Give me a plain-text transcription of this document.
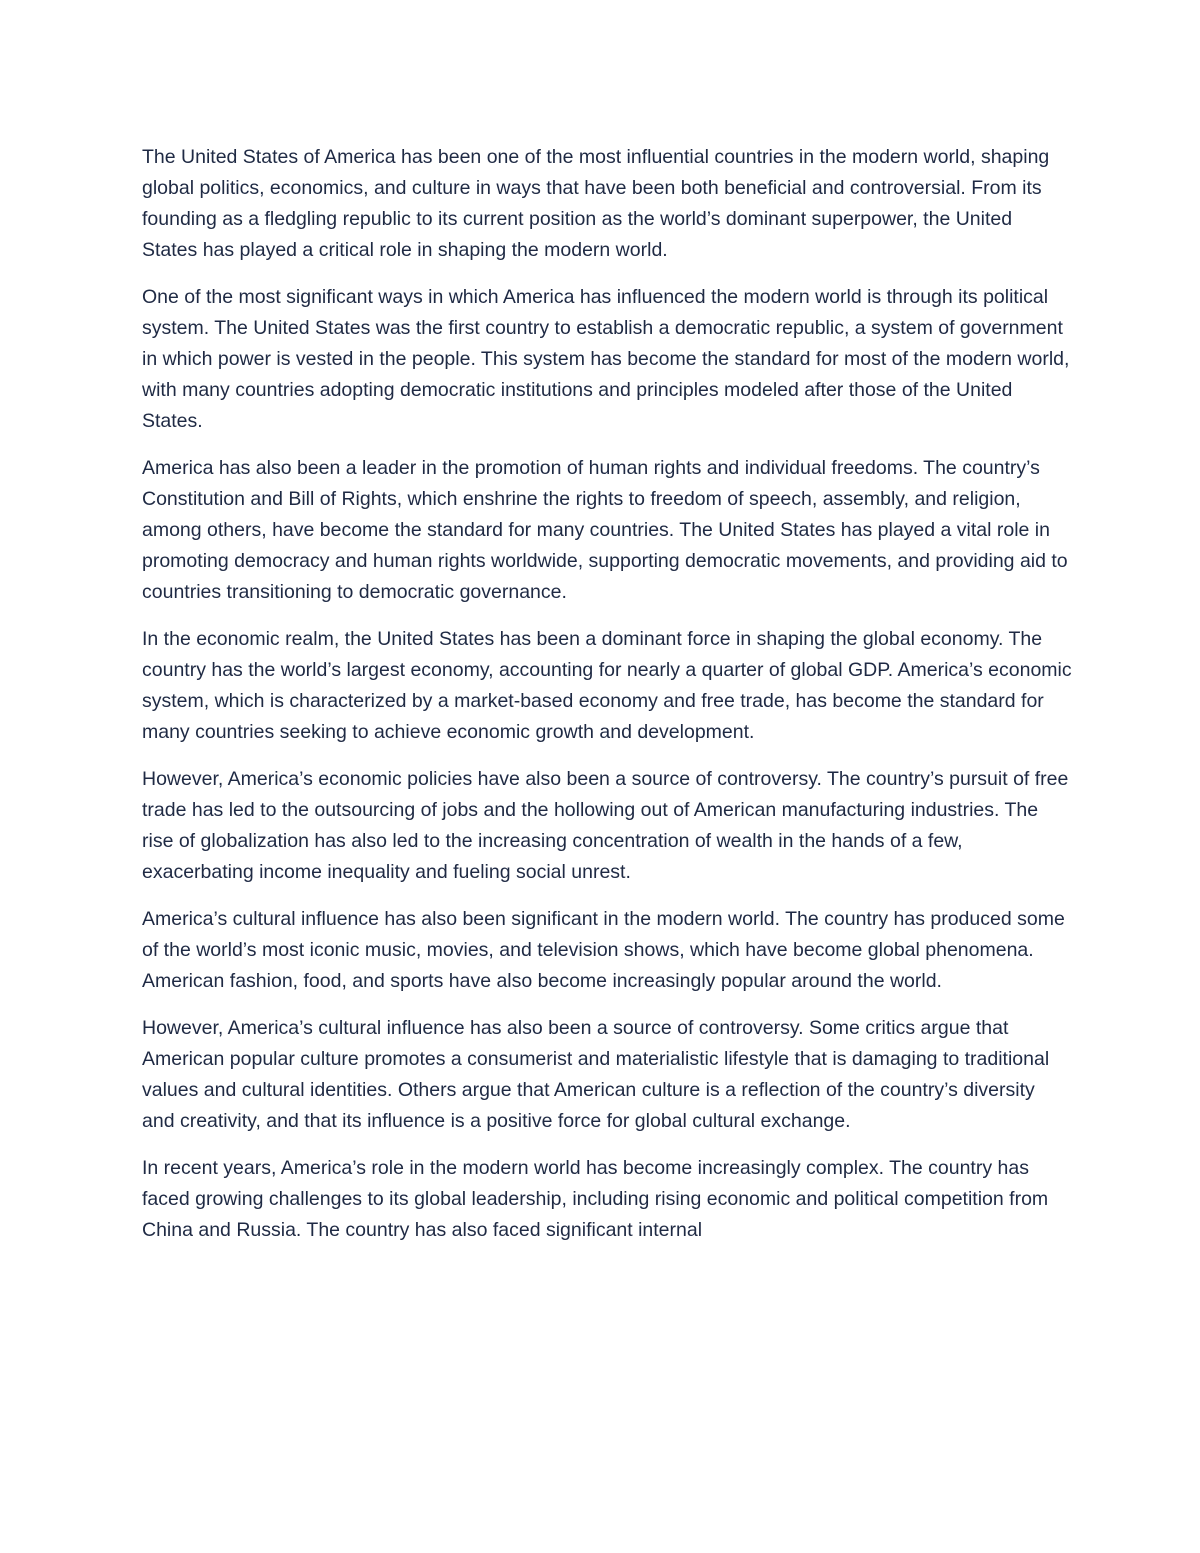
The United States of America has been one of the most influential countries in the modern world, shaping global politics, economics, and culture in ways that have been both beneficial and controversial. From its founding as a fledgling republic to its current position as the world’s dominant superpower, the United States has played a critical role in shaping the modern world.

One of the most significant ways in which America has influenced the modern world is through its political system. The United States was the first country to establish a democratic republic, a system of government in which power is vested in the people. This system has become the standard for most of the modern world, with many countries adopting democratic institutions and principles modeled after those of the United States.

America has also been a leader in the promotion of human rights and individual freedoms. The country’s Constitution and Bill of Rights, which enshrine the rights to freedom of speech, assembly, and religion, among others, have become the standard for many countries. The United States has played a vital role in promoting democracy and human rights worldwide, supporting democratic movements, and providing aid to countries transitioning to democratic governance.

In the economic realm, the United States has been a dominant force in shaping the global economy. The country has the world’s largest economy, accounting for nearly a quarter of global GDP. America’s economic system, which is characterized by a market-based economy and free trade, has become the standard for many countries seeking to achieve economic growth and development.

However, America’s economic policies have also been a source of controversy. The country’s pursuit of free trade has led to the outsourcing of jobs and the hollowing out of American manufacturing industries. The rise of globalization has also led to the increasing concentration of wealth in the hands of a few, exacerbating income inequality and fueling social unrest.

America’s cultural influence has also been significant in the modern world. The country has produced some of the world’s most iconic music, movies, and television shows, which have become global phenomena. American fashion, food, and sports have also become increasingly popular around the world.

However, America’s cultural influence has also been a source of controversy. Some critics argue that American popular culture promotes a consumerist and materialistic lifestyle that is damaging to traditional values and cultural identities. Others argue that American culture is a reflection of the country’s diversity and creativity, and that its influence is a positive force for global cultural exchange.

In recent years, America’s role in the modern world has become increasingly complex. The country has faced growing challenges to its global leadership, including rising economic and political competition from China and Russia. The country has also faced significant internal
